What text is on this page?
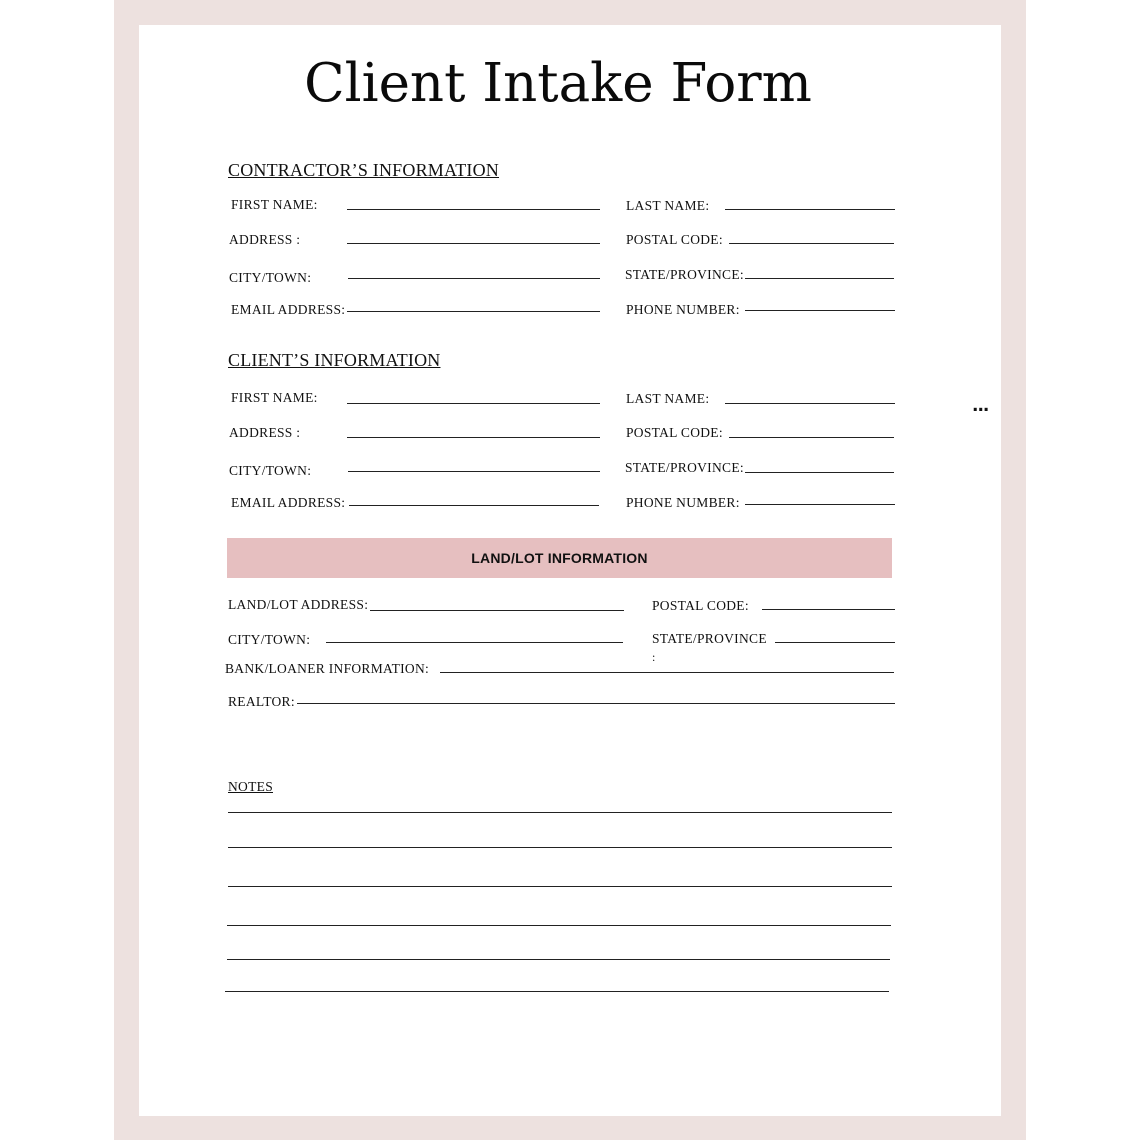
Client Intake Form
CONTRACTOR’S INFORMATION
FIRST NAME:	LAST NAME:
ADDRESS :	POSTAL CODE:
CITY/TOWN:	STATE/PROVINCE:
EMAIL ADDRESS:	PHONE NUMBER:
CLIENT’S INFORMATION
FIRST NAME:	LAST NAME:
ADDRESS :	POSTAL CODE:
CITY/TOWN:	STATE/PROVINCE:
EMAIL ADDRESS:	PHONE NUMBER:
LAND/LOT INFORMATION
LAND/LOT ADDRESS:	POSTAL CODE:
CITY/TOWN:	STATE/PROVINCE
:
BANK/LOANER INFORMATION:
REALTOR:
NOTES
...
